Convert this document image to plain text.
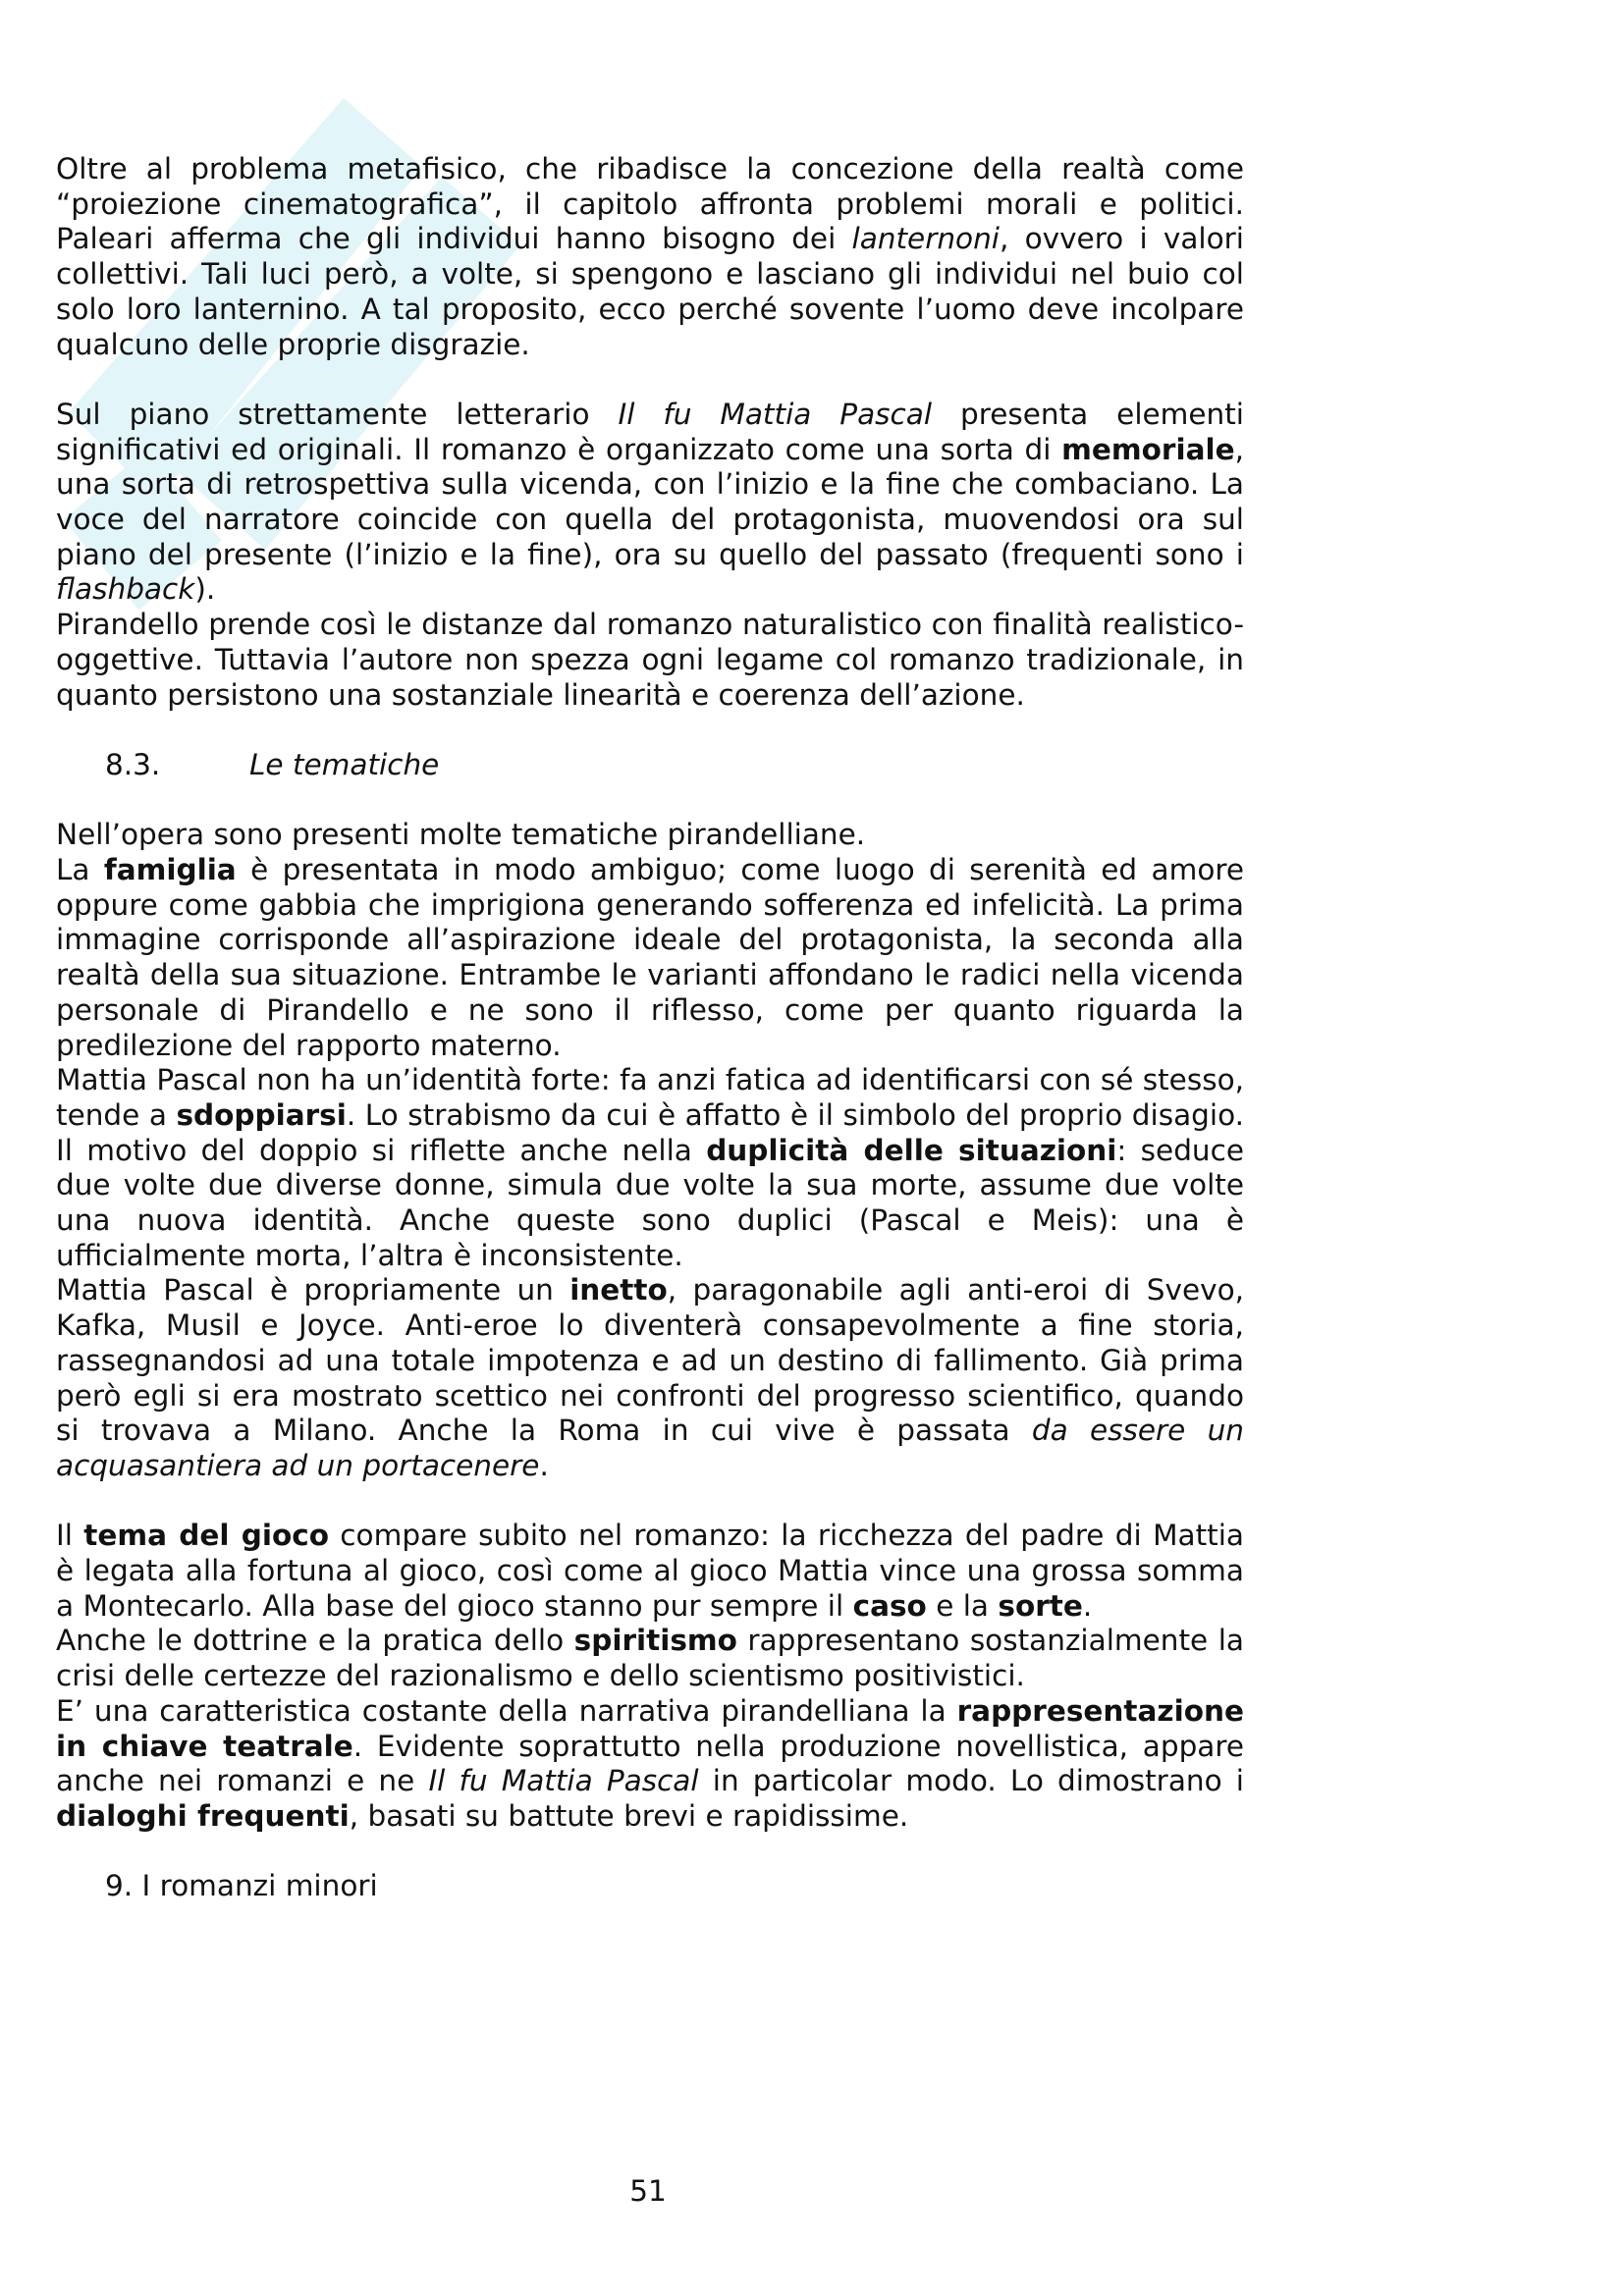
Oltre al problema metafisico, che ribadisce la concezione della realtà come “proiezione cinematografica”, il capitolo affronta problemi morali e politici. Paleari afferma che gli individui hanno bisogno dei lanternoni, ovvero i valori collettivi. Tali luci però, a volte, si spengono e lasciano gli individui nel buio col solo loro lanternino. A tal proposito, ecco perché sovente l’uomo deve incolpare qualcuno delle proprie disgrazie.

Sul piano strettamente letterario Il fu Mattia Pascal presenta elementi significativi ed originali. Il romanzo è organizzato come una sorta di memoriale, una sorta di retrospettiva sulla vicenda, con l’inizio e la fine che combaciano. La voce del narratore coincide con quella del protagonista, muovendosi ora sul piano del presente (l’inizio e la fine), ora su quello del passato (frequenti sono i flashback).

Pirandello prende così le distanze dal romanzo naturalistico con finalità realistico-oggettive. Tuttavia l’autore non spezza ogni legame col romanzo tradizionale, in quanto persistono una sostanziale linearità e coerenza dell’azione.

8.3.	Le tematiche

Nell’opera sono presenti molte tematiche pirandelliane.

La famiglia è presentata in modo ambiguo; come luogo di serenità ed amore oppure come gabbia che imprigiona generando sofferenza ed infelicità. La prima immagine corrisponde all’aspirazione ideale del protagonista, la seconda alla realtà della sua situazione. Entrambe le varianti affondano le radici nella vicenda personale di Pirandello e ne sono il riflesso, come per quanto riguarda la predilezione del rapporto materno.

Mattia Pascal non ha un’identità forte: fa anzi fatica ad identificarsi con sé stesso, tende a sdoppiarsi. Lo strabismo da cui è affatto è il simbolo del proprio disagio. Il motivo del doppio si riflette anche nella duplicità delle situazioni: seduce due volte due diverse donne, simula due volte la sua morte, assume due volte una nuova identità. Anche queste sono duplici (Pascal e Meis): una è ufficialmente morta, l’altra è inconsistente.

Mattia Pascal è propriamente un inetto, paragonabile agli anti-eroi di Svevo, Kafka, Musil e Joyce. Anti-eroe lo diventerà consapevolmente a fine storia, rassegnandosi ad una totale impotenza e ad un destino di fallimento. Già prima però egli si era mostrato scettico nei confronti del progresso scientifico, quando si trovava a Milano. Anche la Roma in cui vive è passata da essere un acquasantiera ad un portacenere.

Il tema del gioco compare subito nel romanzo: la ricchezza del padre di Mattia è legata alla fortuna al gioco, così come al gioco Mattia vince una grossa somma a Montecarlo. Alla base del gioco stanno pur sempre il caso e la sorte.

Anche le dottrine e la pratica dello spiritismo rappresentano sostanzialmente la crisi delle certezze del razionalismo e dello scientismo positivistici.

E’ una caratteristica costante della narrativa pirandelliana la rappresentazione in chiave teatrale. Evidente soprattutto nella produzione novellistica, appare anche nei romanzi e ne Il fu Mattia Pascal in particolar modo. Lo dimostrano i dialoghi frequenti, basati su battute brevi e rapidissime.

9. I romanzi minori

51
